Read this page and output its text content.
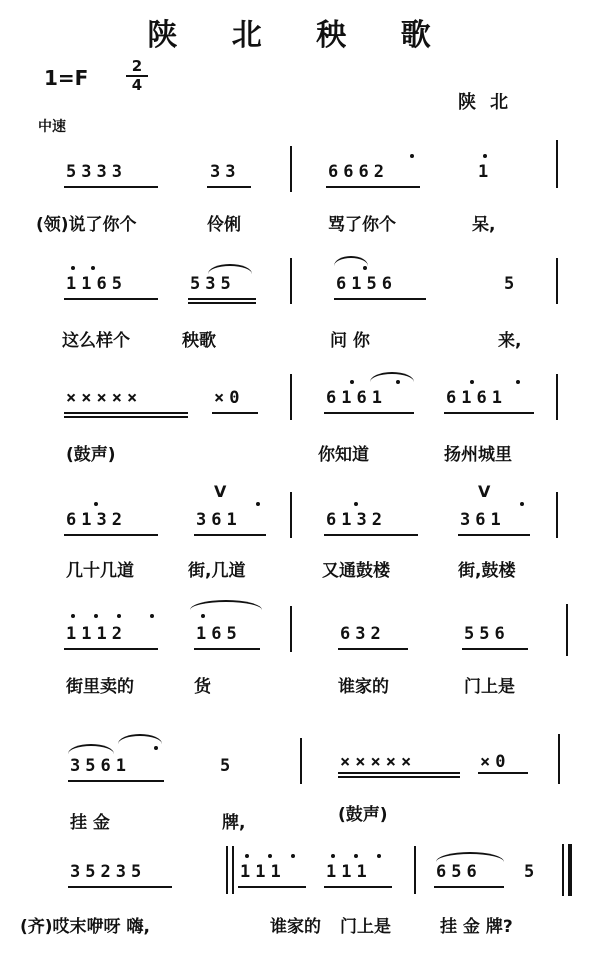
陕 北 秧 歌
1=F	2
4
陕北
中速
5333	33	6662	1
(领)说了你个	伶俐	骂了你个	呆,
1165	535	6156	5
这么样个	秧歌	问 你	来,
×××××	×0	6161	6161
(鼓声)	你知道	扬州城里
V	V
6132	361	6132	361
几十几道	街,几道	又通鼓楼	街,鼓楼
1112	165	632	556
街里卖的	货	谁家的	门上是
3561	5	×××××	×0
挂 金	牌,	(鼓声)
35235	111 111	656 5
(齐)哎末咿呀 嗨,	谁家的 门上是	挂 金 牌?
